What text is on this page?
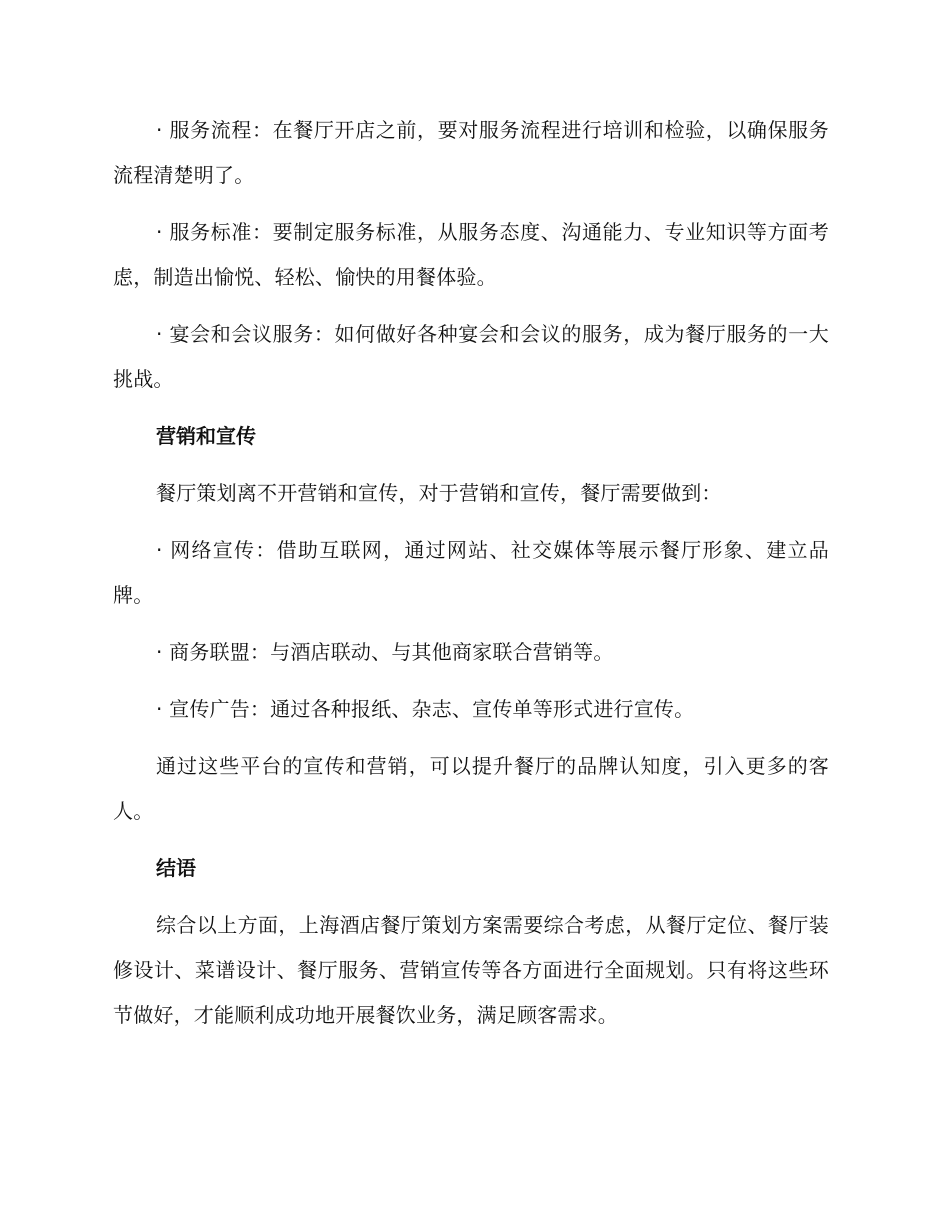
· 服务流程：在餐厅开店之前，要对服务流程进行培训和检验，以确保服务流程清楚明了。

· 服务标准：要制定服务标准，从服务态度、沟通能力、专业知识等方面考虑，制造出愉悦、轻松、愉快的用餐体验。

· 宴会和会议服务：如何做好各种宴会和会议的服务，成为餐厅服务的一大挑战。

营销和宣传

餐厅策划离不开营销和宣传，对于营销和宣传，餐厅需要做到：

· 网络宣传：借助互联网，通过网站、社交媒体等展示餐厅形象、建立品牌。

· 商务联盟：与酒店联动、与其他商家联合营销等。

· 宣传广告：通过各种报纸、杂志、宣传单等形式进行宣传。

通过这些平台的宣传和营销，可以提升餐厅的品牌认知度，引入更多的客人。

结语

综合以上方面，上海酒店餐厅策划方案需要综合考虑，从餐厅定位、餐厅装修设计、菜谱设计、餐厅服务、营销宣传等各方面进行全面规划。只有将这些环节做好，才能顺利成功地开展餐饮业务，满足顾客需求。
